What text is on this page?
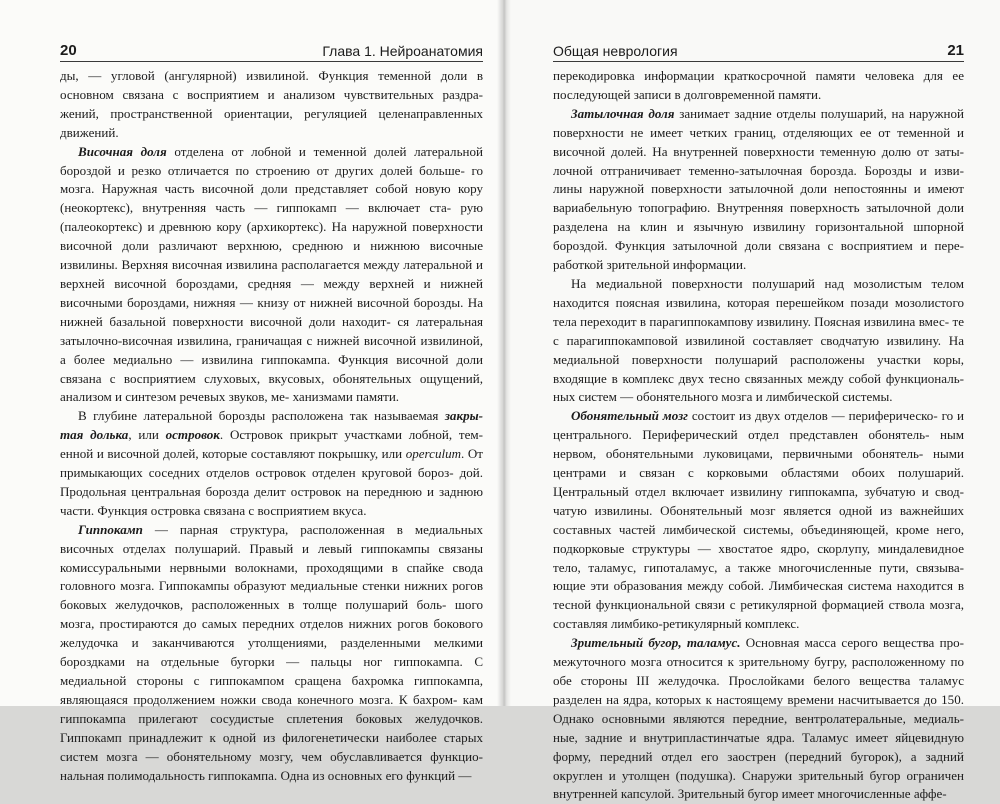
20	Глава 1. Нейроанатомия

ды, — угловой (ангулярной) извилиной. Функция теменной доли в основном связана с восприятием и анализом чувствительных раздра- жений, пространственной ориентации, регуляцией целенаправленных движений.

Височная доля отделена от лобной и теменной долей латеральной бороздой и резко отличается по строению от других долей больше- го мозга. Наружная часть височной доли представляет собой новую кору (неокортекс), внутренняя часть — гиппокамп — включает ста- рую (палеокортекс) и древнюю кору (архикортекс). На наружной поверхности височной доли различают верхнюю, среднюю и нижнюю височные извилины. Верхняя височная извилина располагается между латеральной и верхней височной бороздами, средняя — между верхней и нижней височными бороздами, нижняя — книзу от нижней височной борозды. На нижней базальной поверхности височной доли находит- ся латеральная затылочно-височная извилина, граничащая с нижней височной извилиной, а более медиально — извилина гиппокампа. Функция височной доли связана с восприятием слуховых, вкусовых, обонятельных ощущений, анализом и синтезом речевых звуков, ме- ханизмами памяти.

В глубине латеральной борозды расположена так называемая закры- тая долька, или островок. Островок прикрыт участками лобной, тем- енной и височной долей, которые составляют покрышку, или operculum. От примыкающих соседних отделов островок отделен круговой бороз- дой. Продольная центральная борозда делит островок на переднюю и заднюю части. Функция островка связана с восприятием вкуса.

Гиппокамп — парная структура, расположенная в медиальных височных отделах полушарий. Правый и левый гиппокампы связаны комиссуральными нервными волокнами, проходящими в спайке свода головного мозга. Гиппокампы образуют медиальные стенки нижних рогов боковых желудочков, расположенных в толще полушарий боль- шого мозга, простираются до самых передних отделов нижних рогов бокового желудочка и заканчиваются утолщениями, разделенными мелкими бороздками на отдельные бугорки — пальцы ног гиппокампа. С медиальной стороны с гиппокампом сращена бахромка гиппокампа, являющаяся продолжением ножки свода конечного мозга. К бахром- кам гиппокампа прилегают сосудистые сплетения боковых желудочков. Гиппокамп принадлежит к одной из филогенетически наиболее старых систем мозга — обонятельному мозгу, чем обуславливается функцио- нальная полимодальность гиппокампа. Одна из основных его функций —

Общая неврология	21

перекодировка информации краткосрочной памяти человека для ее последующей записи в долговременной памяти.

Затылочная доля занимает задние отделы полушарий, на наружной поверхности не имеет четких границ, отделяющих ее от теменной и височной долей. На внутренней поверхности теменную долю от заты- лочной отграничивает теменно-затылочная борозда. Борозды и изви- лины наружной поверхности затылочной доли непостоянны и имеют вариабельную топографию. Внутренняя поверхность затылочной доли разделена на клин и язычную извилину горизонтальной шпорной бороздой. Функция затылочной доли связана с восприятием и пере- работкой зрительной информации.

На медиальной поверхности полушарий над мозолистым телом находится поясная извилина, которая перешейком позади мозолистого тела переходит в парагиппокампову извилину. Поясная извилина вмес- те с парагиппокамповой извилиной составляет сводчатую извилину. На медиальной поверхности полушарий расположены участки коры, входящие в комплекс двух тесно связанных между собой функциональ- ных систем — обонятельного мозга и лимбической системы.

Обонятельный мозг состоит из двух отделов — периферическо- го и центрального. Периферический отдел представлен обонятель- ным нервом, обонятельными луковицами, первичными обонятель- ными центрами и связан с корковыми областями обоих полушарий. Центральный отдел включает извилину гиппокампа, зубчатую и свод- чатую извилины. Обонятельный мозг является одной из важнейших составных частей лимбической системы, объединяющей, кроме него, подкорковые структуры — хвостатое ядро, скорлупу, миндалевидное тело, таламус, гипоталамус, а также многочисленные пути, связыва- ющие эти образования между собой. Лимбическая система находится в тесной функциональной связи с ретикулярной формацией ствола мозга, составляя лимбико-ретикулярный комплекс.

Зрительный бугор, таламус. Основная масса серого вещества про- межуточного мозга относится к зрительному бугру, расположенному по обе стороны III желудочка. Прослойками белого вещества таламус разделен на ядра, которых к настоящему времени насчитывается до 150. Однако основными являются передние, вентролатеральные, медиаль- ные, задние и внутрипластинчатые ядра. Таламус имеет яйцевидную форму, передний отдел его заострен (передний бугорок), а задний округлен и утолщен (подушка). Снаружи зрительный бугор ограничен внутренней капсулой. Зрительный бугор имеет многочисленные аффе-
